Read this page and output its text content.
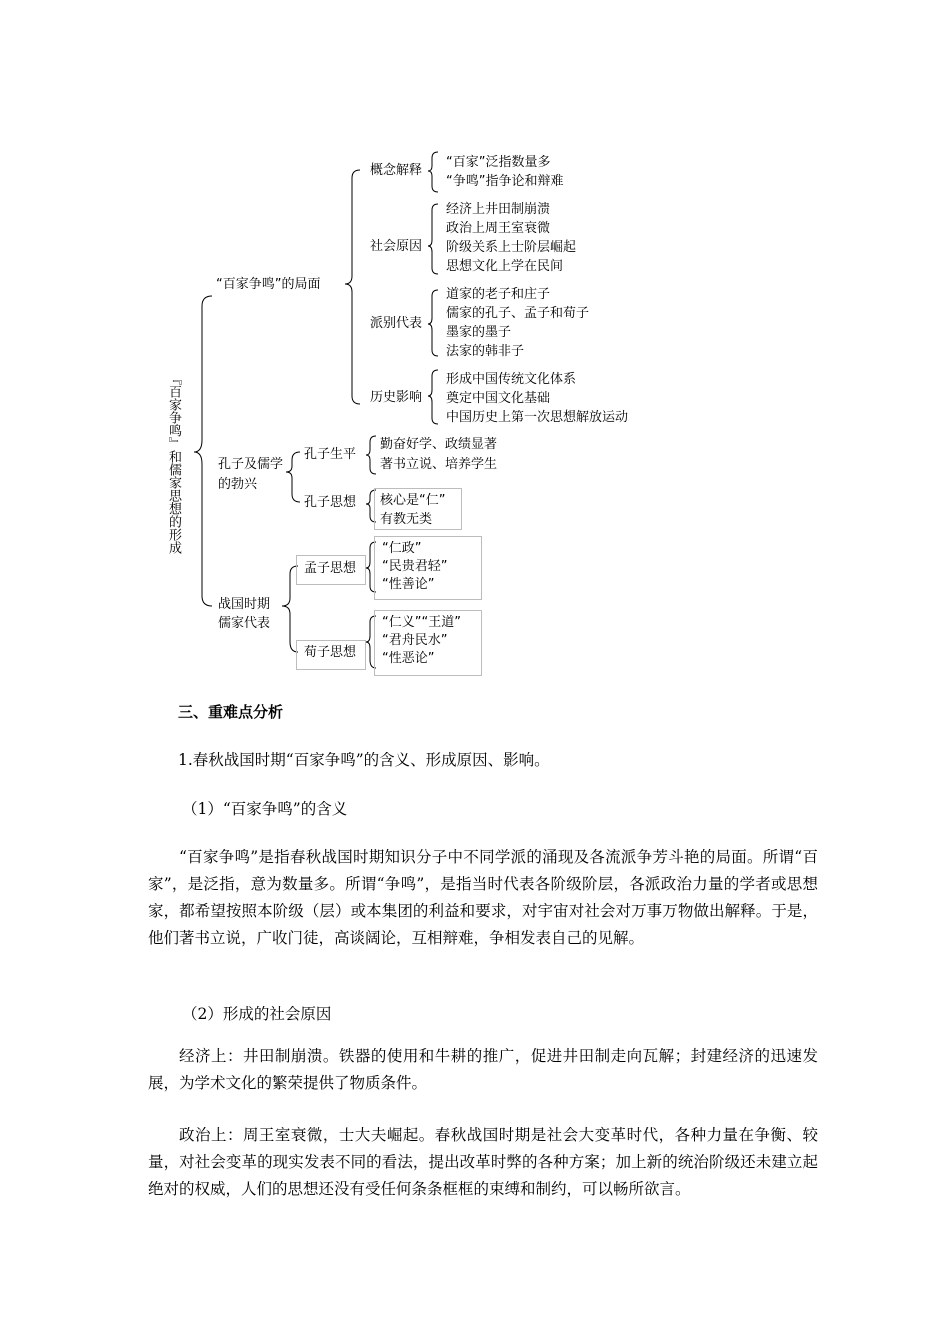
『百家争鸣』和儒家思想的形成
“百家争鸣”的局面
概念解释
“百家”泛指数量多
“争鸣”指争论和辩难
社会原因
经济上井田制崩溃
政治上周王室衰微
阶级关系上士阶层崛起
思想文化上学在民间
派别代表
道家的老子和庄子
儒家的孔子、孟子和荀子
墨家的墨子
法家的韩非子
历史影响
形成中国传统文化体系
奠定中国文化基础
中国历史上第一次思想解放运动
孔子及儒学
的勃兴
孔子生平
勤奋好学、政绩显著
著书立说、培养学生
孔子思想 核心是“仁”
有教无类
战国时期
儒家代表
孟子思想
“仁政”
“民贵君轻”
“性善论”
荀子思想
“仁义”“王道”
“君舟民水”
“性恶论”
三、重难点分析
1.春秋战国时期“百家争鸣”的含义、形成原因、影响。
（1）“百家争鸣”的含义
“百家争鸣”是指春秋战国时期知识分子中不同学派的涌现及各流派争芳斗艳的局面。所谓“百家”，是泛指，意为数量多。所谓“争鸣”，是指当时代表各阶级阶层，各派政治力量的学者或思想家，都希望按照本阶级（层）或本集团的利益和要求，对宇宙对社会对万事万物做出解释。于是，他们著书立说，广收门徒，高谈阔论，互相辩难，争相发表自己的见解。
（2）形成的社会原因
经济上：井田制崩溃。铁器的使用和牛耕的推广，促进井田制走向瓦解；封建经济的迅速发展，为学术文化的繁荣提供了物质条件。
政治上：周王室衰微，士大夫崛起。春秋战国时期是社会大变革时代，各种力量在争衡、较量，对社会变革的现实发表不同的看法，提出改革时弊的各种方案；加上新的统治阶级还未建立起绝对的权威，人们的思想还没有受任何条条框框的束缚和制约，可以畅所欲言。
